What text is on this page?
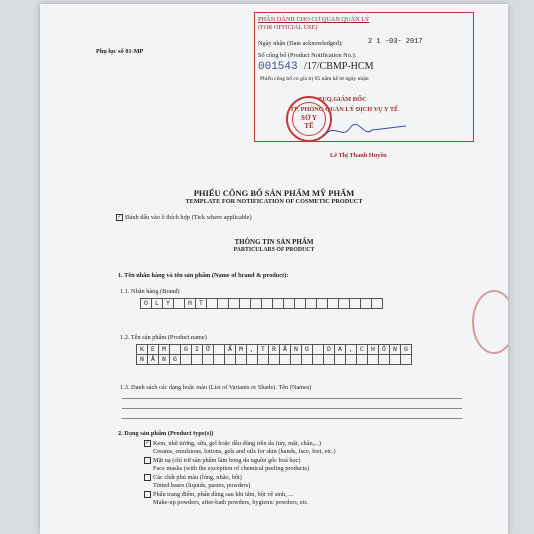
Phụ lục số 01-MP
PHẦN DÀNH CHO CƠ QUAN QUẢN LÝ
(FOR OFFICIAL USE)
Ngày nhận (Date acknowledged):	2 1 -03- 2017
Số công bố (Product Notification No.):
001543 /17/CBMP-HCM
Phiếu công bố có giá trị 05 năm kể từ ngày nhận
TUQ.GIÁM ĐỐC
TP. PHÒNG QUẢN LÝ DỊCH VỤ Y TẾ
SỞ Y TẾ
Lê Thị Thanh Huyền
PHIẾU CÔNG BỐ SẢN PHẨM MỸ PHẨM
TEMPLATE FOR NOTIFICATION OF COSMETIC PRODUCT
✓ Đánh dấu vào ô thích hợp (Tick where applicable)
THÔNG TIN SẢN PHẨM
PARTICULARS OF PRODUCT
1. Tên nhãn hàng và tên sản phẩm (Name of brand & product):
1.1. Nhãn hàng (Brand)
O	L	Y	H	T
1.2. Tên sản phẩm (Product name)
K	E	M	G	I	Ữ	Ẩ	M	,	T	R	Ắ	N	G	D	A	,	C	H	Ố	N	G
N	Ắ	N	G
1.3. Danh sách các dạng hoặc màu (List of Variants or Shade). Tên (Names)
2. Dạng sản phẩm (Product type(s))
✓ Kem, nhũ tương, sữa, gel hoặc dầu dùng trên da (tay, mặt, chân,...)
Creams, emulsions, lotions, gels and oils for skin (hands, face, feet, etc.)
Mặt nạ (chỉ trừ sản phẩm làm bong da nguồn gốc hoá học)
Face masks (with the exception of chemical peeling products)
Các chất phủ màu (lỏng, nhão, bột)
Tinted bases (liquids, pastes, powders)
Phấn trang điểm, phấn dùng sau khi tắm, bột vệ sinh, ...
Make-up powders, after-bath powders, hygienic powders, etc.
